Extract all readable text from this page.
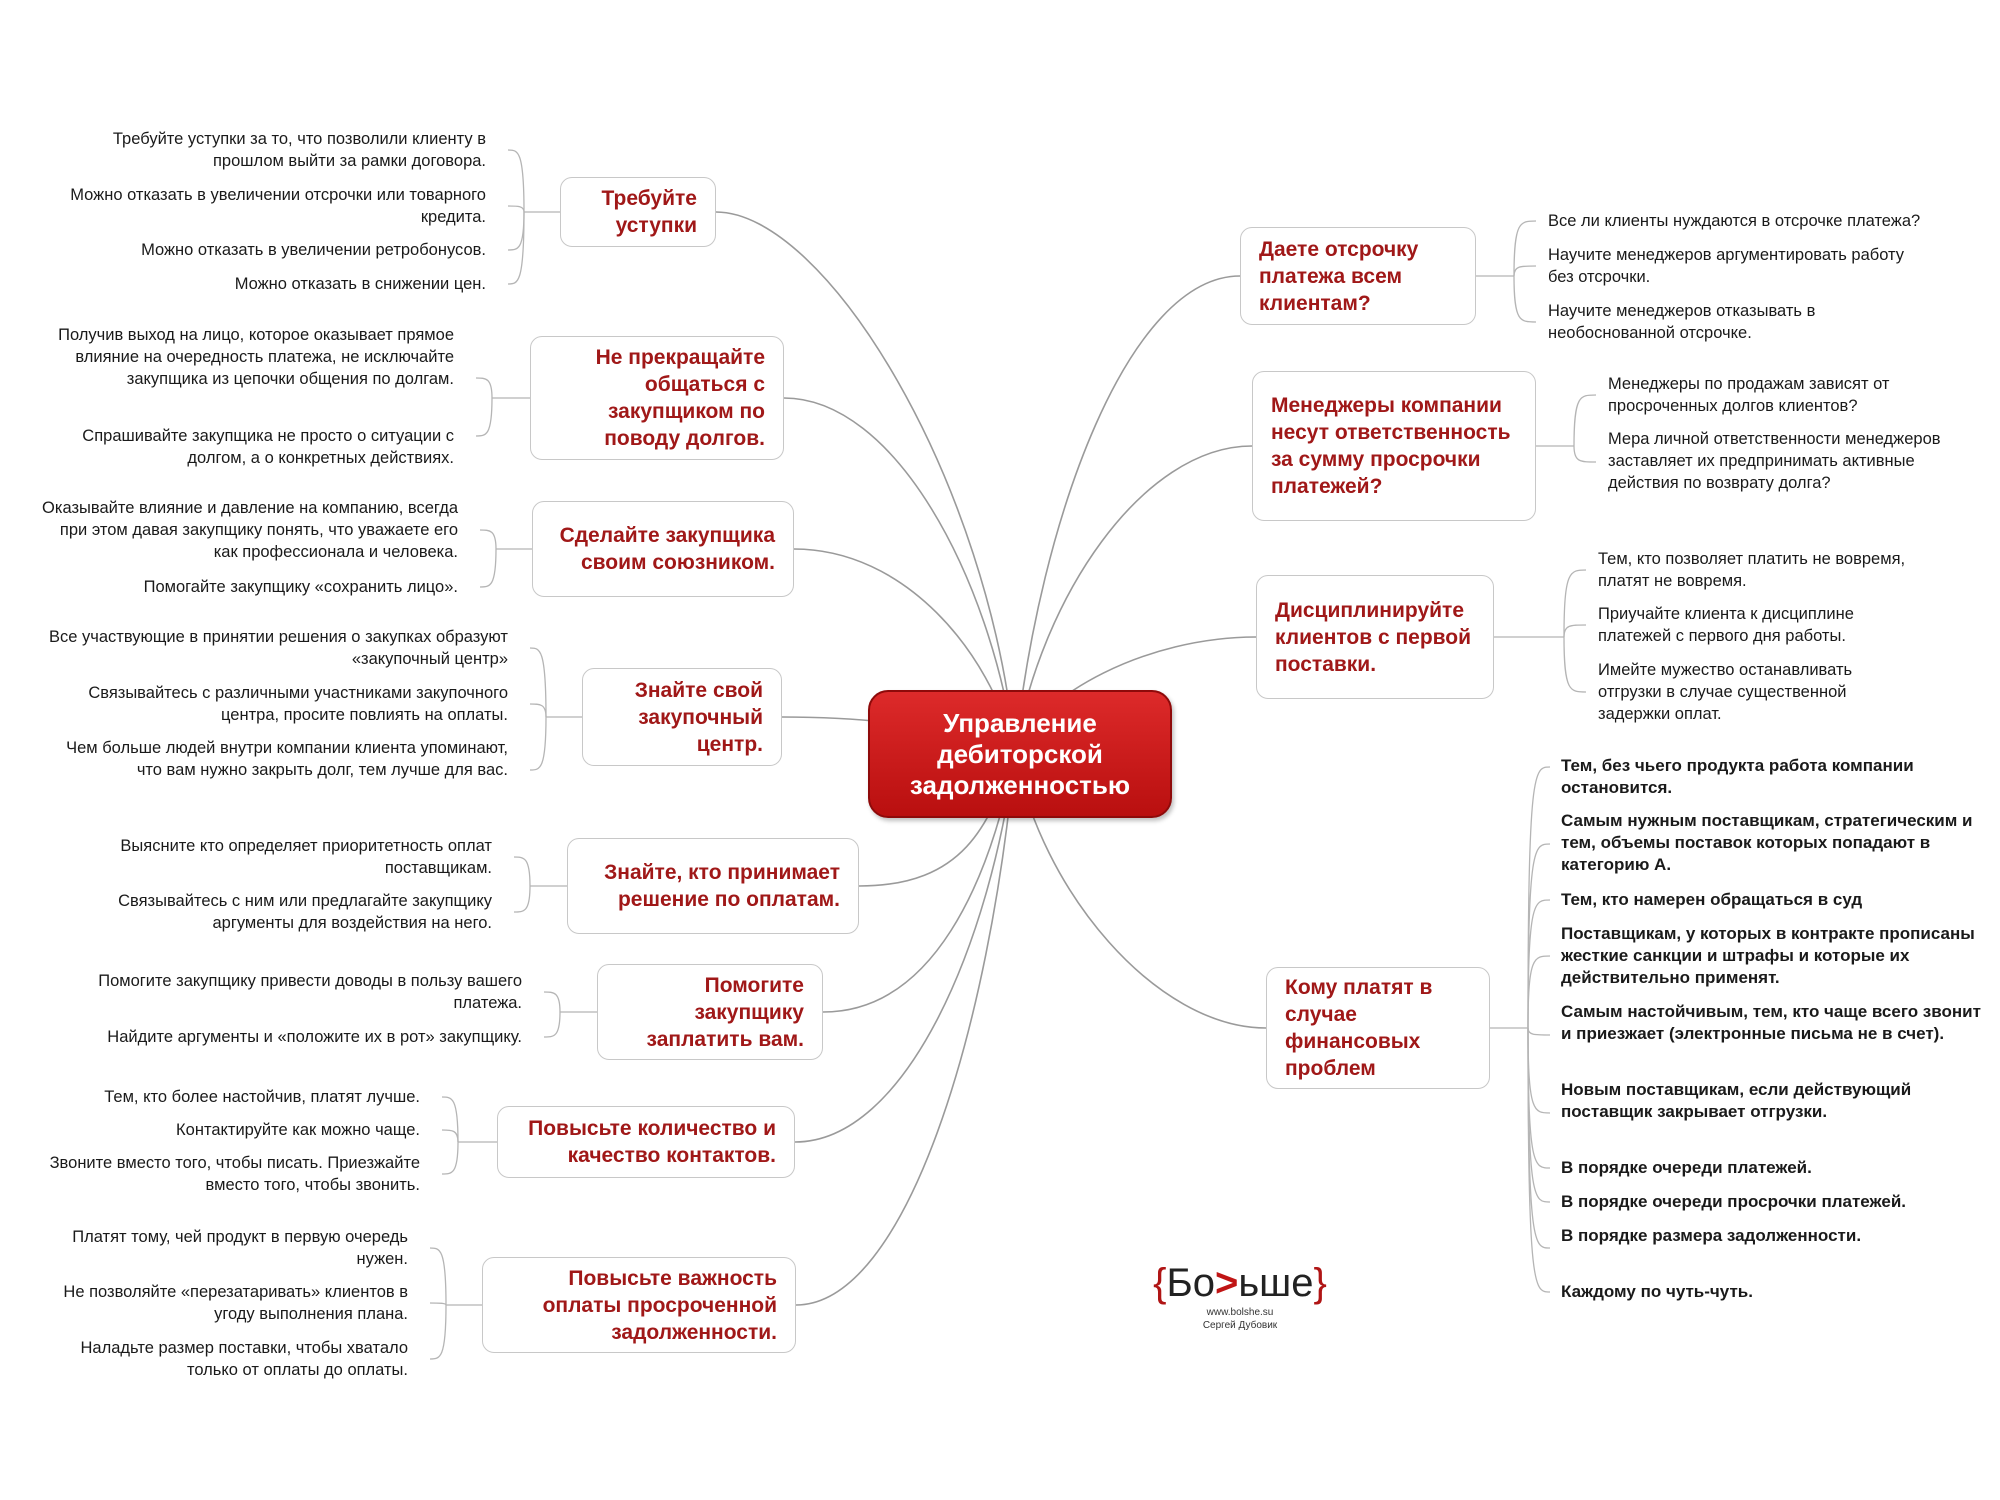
Управление дебиторской задолженностью
Требуйте уступки
Не прекращайте общаться с закупщиком по поводу долгов.
Сделайте закупщика своим союзником.
Знайте свой закупочный центр.
Знайте, кто принимает решение по оплатам.
Помогите закупщику заплатить вам.
Повысьте количество и качество контактов.
Повысьте важность оплаты просроченной задолженности.
Даете отсрочку платежа всем клиентам?
Менеджеры компании несут ответственность за сумму просрочки платежей?
Дисциплинируйте клиентов с первой поставки.
Кому платят в случае финансовых проблем
Требуйте уступки за то, что позволили клиенту в прошлом выйти за рамки договора.
Можно отказать в увеличении отсрочки или товарного кредита.
Можно отказать в увеличении ретробонусов.
Можно отказать в снижении цен.
Получив выход на лицо, которое оказывает прямое влияние на очередность платежа, не исключайте закупщика из цепочки общения по долгам.
Спрашивайте закупщика не просто о ситуации с долгом, а о конкретных действиях.
Оказывайте влияние и давление на компанию, всегда при этом давая закупщику понять, что уважаете его как профессионала и человека.
Помогайте закупщику «сохранить лицо».
Все участвующие в принятии решения о закупках образуют «закупочный центр»
Связывайтесь с различными участниками закупочного центра, просите повлиять на оплаты.
Чем больше людей внутри компании клиента упоминают, что вам нужно закрыть долг, тем лучше для вас.
Выясните кто определяет приоритетность оплат поставщикам.
Связывайтесь с ним или предлагайте закупщику аргументы для воздействия на него.
Помогите закупщику привести доводы в пользу вашего платежа.
Найдите аргументы и «положите их в рот» закупщику.
Тем, кто более настойчив, платят лучше.
Контактируйте как можно чаще.
Звоните вместо того, чтобы писать. Приезжайте вместо того, чтобы звонить.
Платят тому, чей продукт в первую очередь нужен.
Не позволяйте «перезатаривать» клиентов в угоду выполнения плана.
Наладьте размер поставки, чтобы хватало только от оплаты до оплаты.
Все ли клиенты нуждаются в отсрочке платежа?
Научите менеджеров аргументировать работу без отсрочки.
Научите менеджеров отказывать в необоснованной отсрочке.
Менеджеры по продажам зависят от просроченных долгов клиентов?
Мера личной ответственности менеджеров заставляет их предпринимать активные действия по возврату долга?
Тем, кто позволяет платить не вовремя, платят не вовремя.
Приучайте клиента к дисциплине платежей с первого дня работы.
Имейте мужество останавливать отгрузки в случае существенной задержки оплат.
Тем, без чьего продукта работа компании остановится.
Самым нужным поставщикам, стратегическим и тем, объемы поставок которых попадают в категорию А.
Тем, кто намерен обращаться в суд
Поставщикам, у которых в контракте прописаны жесткие санкции и штрафы и которые их действительно применят.
Самым настойчивым, тем, кто чаще всего звонит и приезжает (электронные письма не в счет).
Новым поставщикам, если действующий поставщик закрывает отгрузки.
В порядке очереди платежей.
В порядке очереди просрочки платежей.
В порядке размера задолженности.
Каждому по чуть-чуть.
{Бо>ьше}
www.bolshe.su
Сергей Дубовик
